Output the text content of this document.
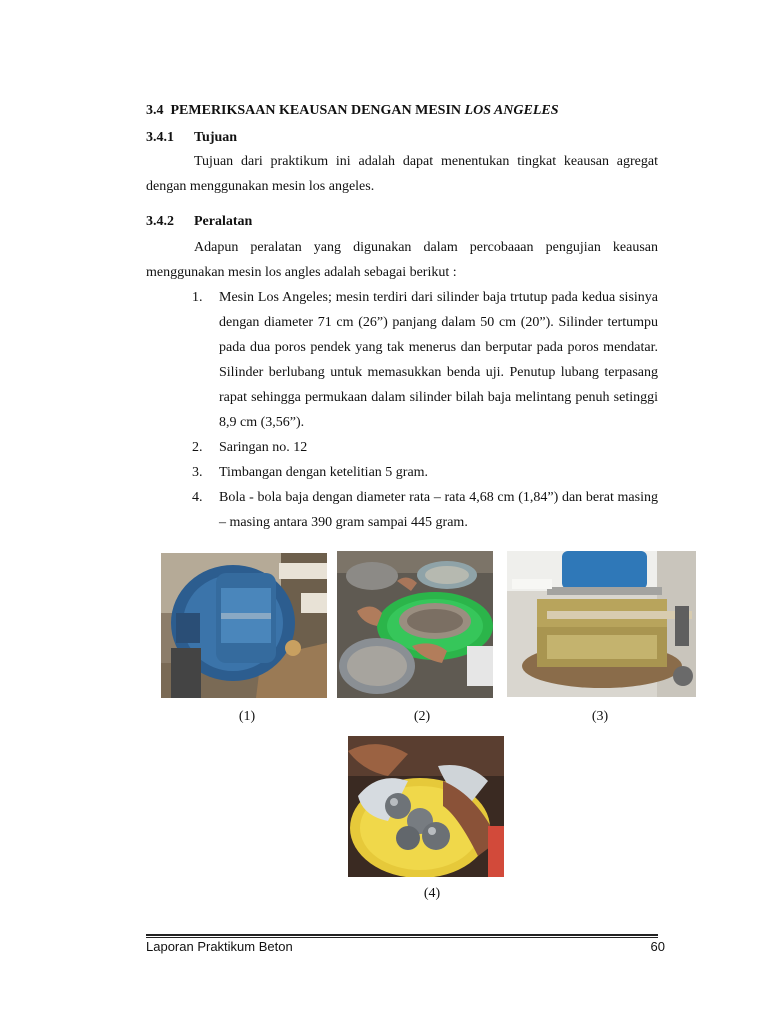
3.4 PEMERIKSAAN KEAUSAN DENGAN MESIN LOS ANGELES
3.4.1 Tujuan
Tujuan dari praktikum ini adalah dapat menentukan tingkat keausan agregat dengan menggunakan mesin los angeles.
3.4.2 Peralatan
Adapun peralatan yang digunakan dalam percobaaan pengujian keausan menggunakan mesin los angles adalah sebagai berikut :
1. Mesin Los Angeles; mesin terdiri dari silinder baja trtutup pada kedua sisinya dengan diameter 71 cm (26”) panjang dalam 50 cm (20”). Silinder tertumpu pada dua poros pendek yang tak menerus dan berputar pada poros mendatar. Silinder berlubang untuk memasukkan benda uji. Penutup lubang terpasang rapat sehingga permukaan dalam silinder bilah baja melintang penuh setinggi 8,9 cm (3,56”).
2. Saringan no. 12
3. Timbangan dengan ketelitian 5 gram.
4. Bola - bola baja dengan diameter rata – rata 4,68 cm (1,84”) dan berat masing – masing antara 390 gram sampai 445 gram.
(1)	(2)	(3)
(4)
Laporan Praktikum Beton	60
